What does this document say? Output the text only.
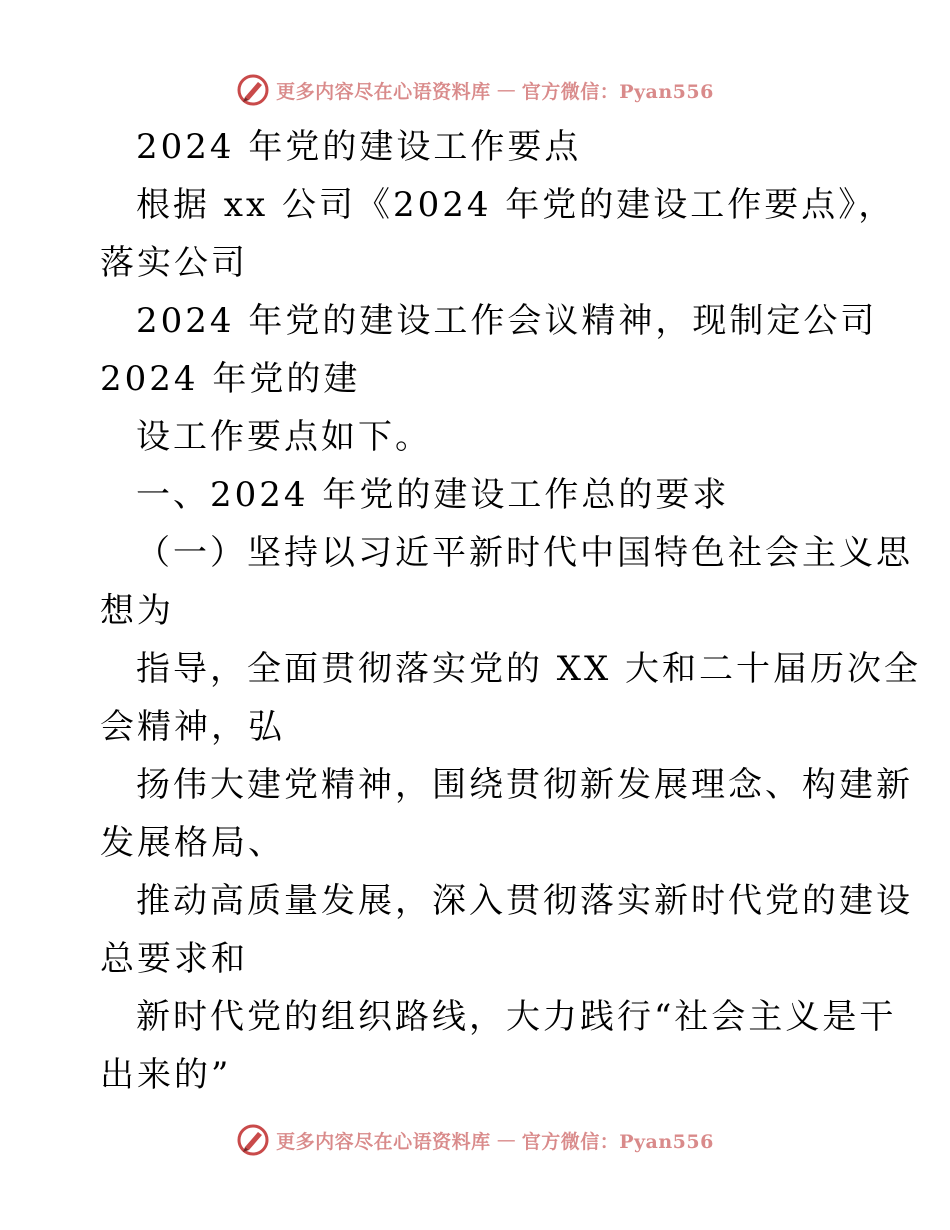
更多内容尽在心语资料库 — 官方微信：Pyan556
2024 年党的建设工作要点
根据 xx 公司《2024 年党的建设工作要点》，
落实公司
2024 年党的建设工作会议精神，现制定公司
2024 年党的建
设工作要点如下。
一、2024 年党的建设工作总的要求
（一）坚持以习近平新时代中国特色社会主义思
想为
指导，全面贯彻落实党的 XX 大和二十届历次全
会精神，弘
扬伟大建党精神，围绕贯彻新发展理念、构建新
发展格局、
推动高质量发展，深入贯彻落实新时代党的建设
总要求和
新时代党的组织路线，大力践行“社会主义是干
出来的”
更多内容尽在心语资料库 — 官方微信：Pyan556
